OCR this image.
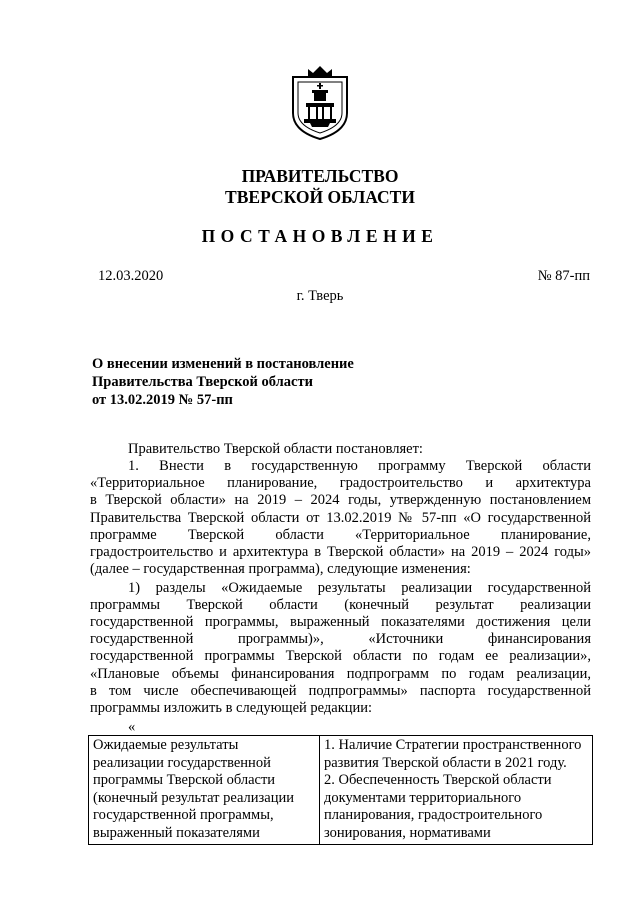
ПРАВИТЕЛЬСТВО
ТВЕРСКОЙ ОБЛАСТИ
ПОСТАНОВЛЕНИЕ
12.03.2020	№ 87-пп
г. Тверь
О внесении изменений в постановление
Правительства Тверской области
от 13.02.2019 № 57-пп
Правительство Тверской области постановляет:
1. Внести в государственную программу Тверской области
«Территориальное планирование, градостроительство и архитектура
в Тверской области» на 2019 – 2024 годы, утвержденную постановлением
Правительства Тверской области от 13.02.2019 № 57-пп «О государственной
программе Тверской области «Территориальное планирование,
градостроительство и архитектура в Тверской области» на 2019 – 2024 годы»
(далее – государственная программа), следующие изменения:
1) разделы «Ожидаемые результаты реализации государственной
программы Тверской области (конечный результат реализации
государственной программы, выраженный показателями достижения цели
государственной программы)», «Источники финансирования
государственной программы Тверской области по годам ее реализации»,
«Плановые объемы финансирования подпрограмм по годам реализации,
в том числе обеспечивающей подпрограммы» паспорта государственной
программы изложить в следующей редакции:
«
Ожидаемые результаты
реализации государственной
программы Тверской области
(конечный результат реализации
государственной программы,
выраженный показателями

1. Наличие Стратегии пространственного
развития Тверской области в 2021 году.
2. Обеспеченность Тверской области
документами территориального
планирования, градостроительного
зонирования, нормативами
